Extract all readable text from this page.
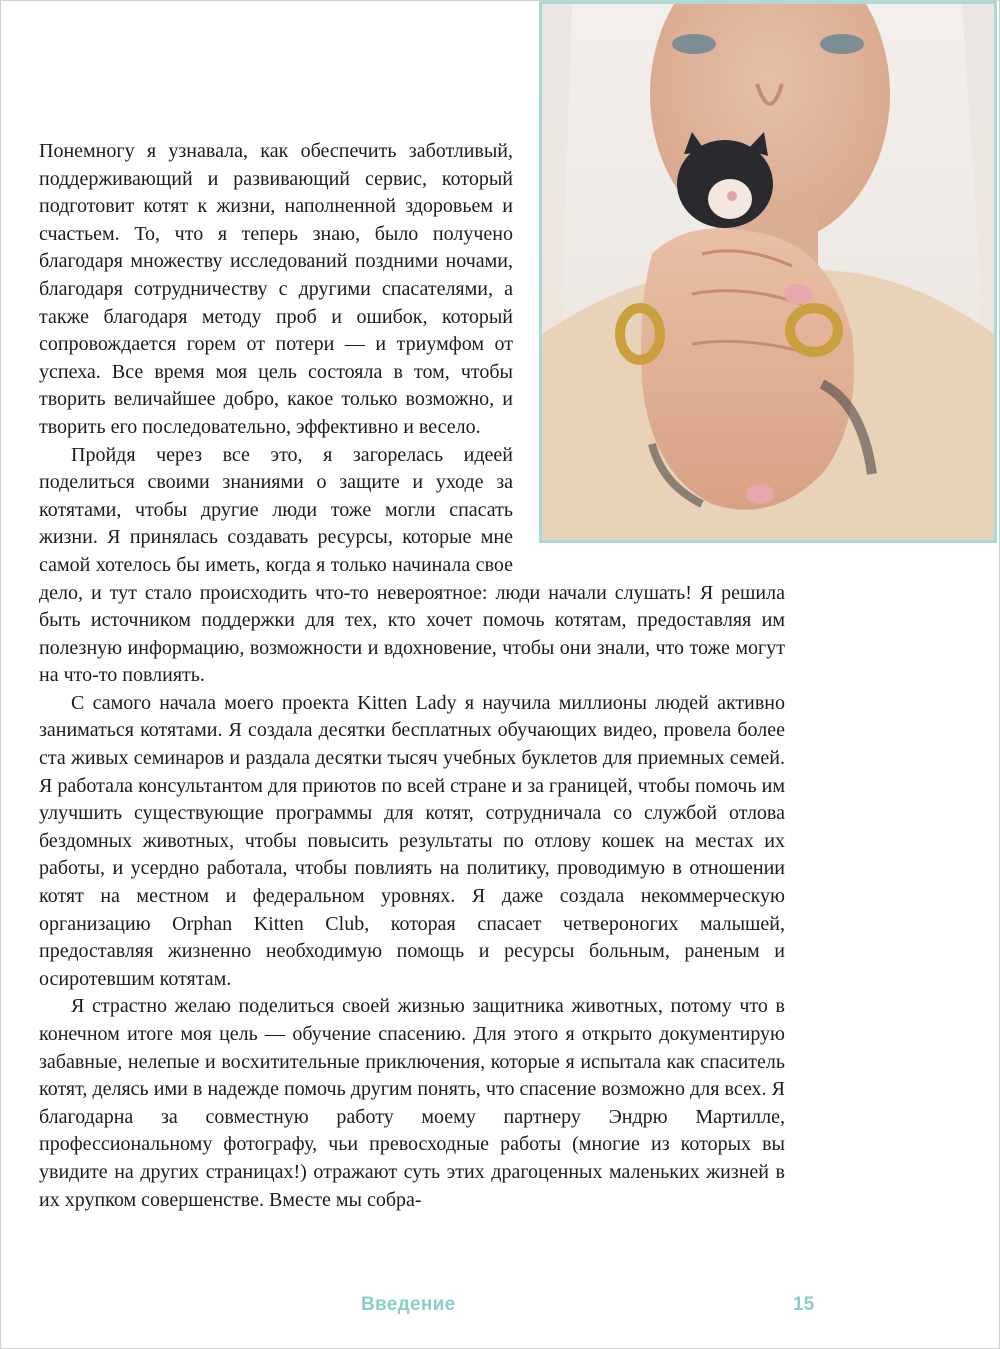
Понемногу я узнавала, как обеспечить заботливый, поддерживающий и развивающий сервис, который подготовит котят к жизни, наполненной здоровьем и счастьем. То, что я теперь знаю, было получено благодаря множеству исследований поздними ночами, благодаря сотрудничеству с другими спасателями, а также благодаря методу проб и ошибок, который сопровождается горем от потери — и триумфом от успеха. Все время моя цель состояла в том, чтобы творить величайшее добро, какое только возможно, и творить его последовательно, эффективно и весело.

Пройдя через все это, я загорелась идеей поделиться своими знаниями о защите и уходе за котятами, чтобы другие люди тоже могли спасать жизни. Я принялась создавать ресурсы, которые мне самой хотелось бы иметь, когда я только начинала свое дело, и тут стало происходить что-то невероятное: люди начали слушать! Я решила быть источником поддержки для тех, кто хочет помочь котятам, предоставляя им полезную информацию, возможности и вдохновение, чтобы они знали, что тоже могут на что-то повлиять.

С самого начала моего проекта Kitten Lady я научила миллионы людей активно заниматься котятами. Я создала десятки бесплатных обучающих видео, провела более ста живых семинаров и раздала десятки тысяч учебных буклетов для приемных семей. Я работала консультантом для приютов по всей стране и за границей, чтобы помочь им улучшить существующие программы для котят, сотрудничала со службой отлова бездомных животных, чтобы повысить результаты по отлову кошек на местах их работы, и усердно работала, чтобы повлиять на политику, проводимую в отношении котят на местном и федеральном уровнях. Я даже создала некоммерческую организацию Orphan Kitten Club, которая спасает четвероногих малышей, предоставляя жизненно необходимую помощь и ресурсы больным, раненым и осиротевшим котятам.

Я страстно желаю поделиться своей жизнью защитника животных, потому что в конечном итоге моя цель — обучение спасению. Для этого я открыто документирую забавные, нелепые и восхитительные приключения, которые я испытала как спаситель котят, делясь ими в надежде помочь другим понять, что спасение возможно для всех. Я благодарна за совместную работу моему партнеру Эндрю Мартилле, профессиональному фотографу, чьи превосходные работы (многие из которых вы увидите на других страницах!) отражают суть этих драгоценных маленьких жизней в их хрупком совершенстве. Вместе мы собра-

Введение	15
